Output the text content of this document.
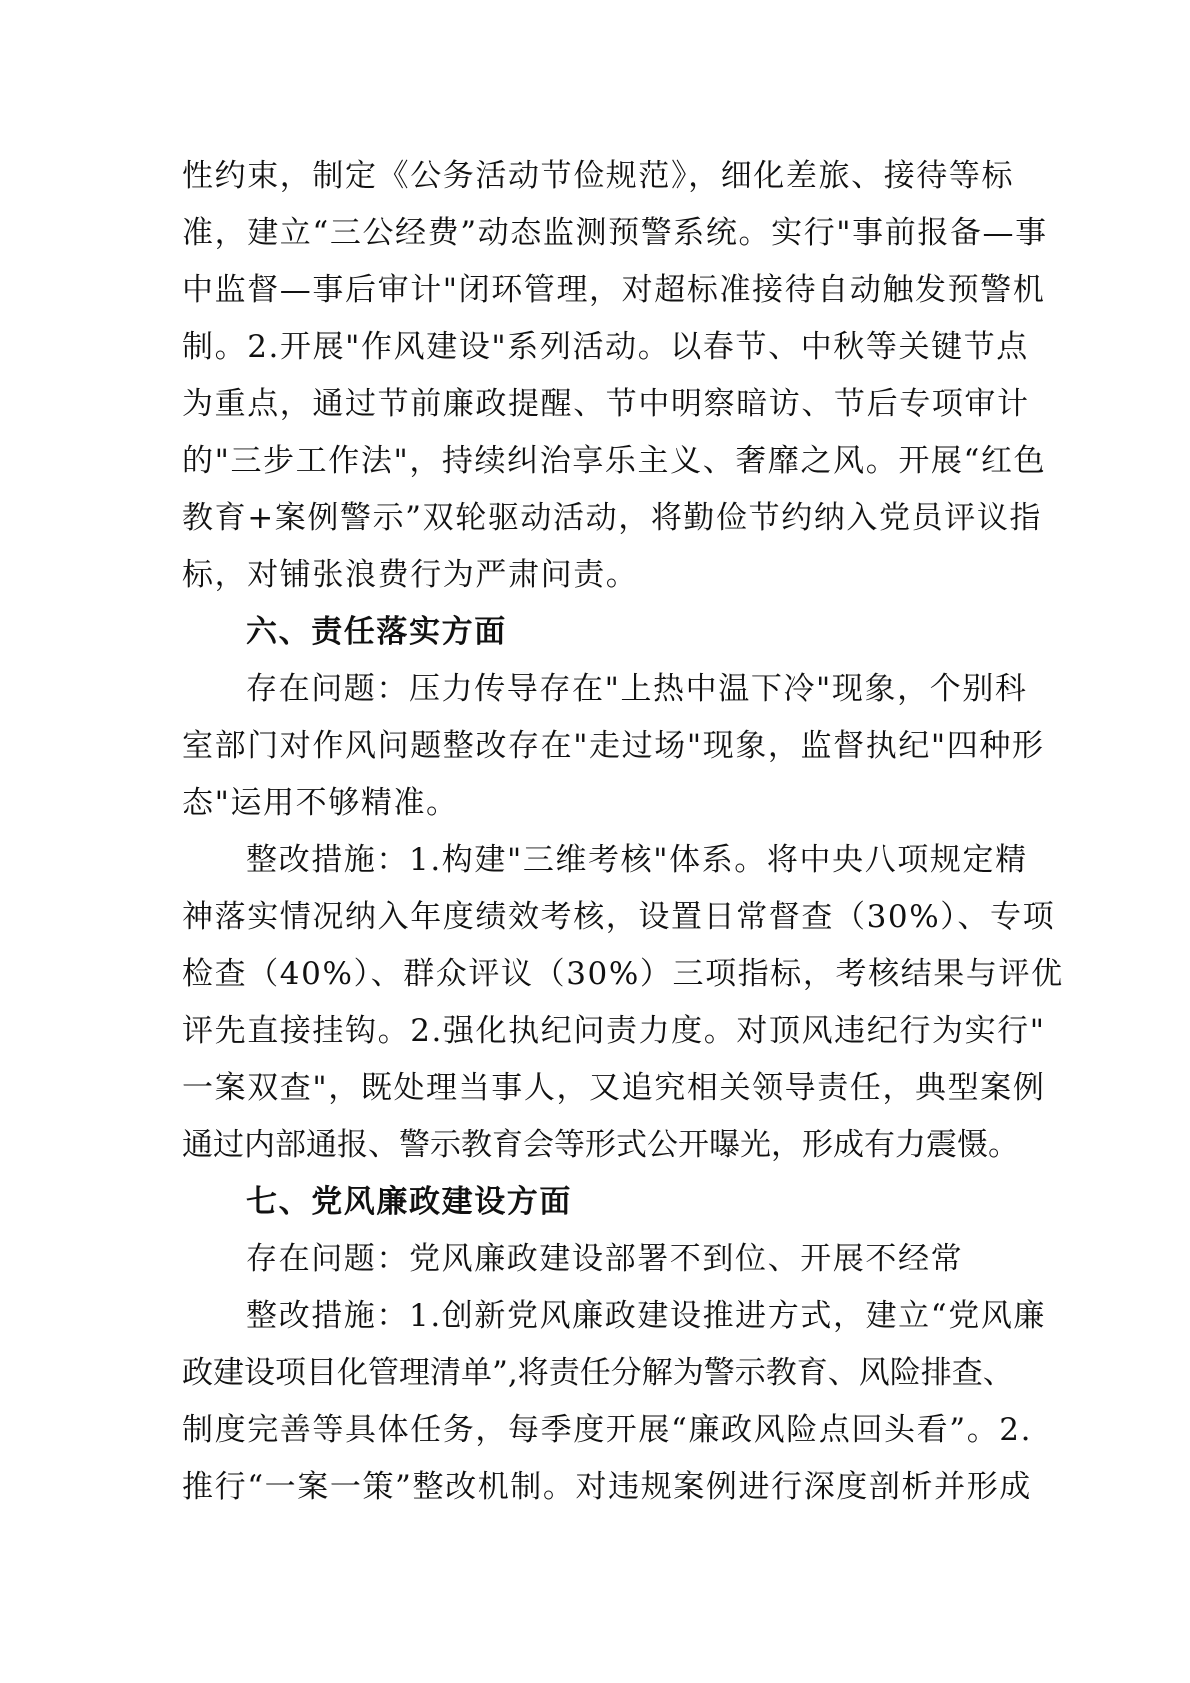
性约束，制定《公务活动节俭规范》，细化差旅、接待等标
准，建立“三公经费”动态监测预警系统。实行"事前报备—事
中监督—事后审计"闭环管理，对超标准接待自动触发预警机
制。2.开展"作风建设"系列活动。以春节、中秋等关键节点
为重点，通过节前廉政提醒、节中明察暗访、节后专项审计
的"三步工作法"，持续纠治享乐主义、奢靡之风。开展“红色
教育+案例警示”双轮驱动活动，将勤俭节约纳入党员评议指
标，对铺张浪费行为严肃问责。
六、责任落实方面
存在问题：压力传导存在"上热中温下冷"现象，个别科
室部门对作风问题整改存在"走过场"现象，监督执纪"四种形
态"运用不够精准。
整改措施：1.构建"三维考核"体系。将中央八项规定精
神落实情况纳入年度绩效考核，设置日常督查（30%）、专项
检查（40%）、群众评议（30%）三项指标，考核结果与评优
评先直接挂钩。2.强化执纪问责力度。对顶风违纪行为实行"
一案双查"，既处理当事人，又追究相关领导责任，典型案例
通过内部通报、警示教育会等形式公开曝光，形成有力震慑。
七、党风廉政建设方面
存在问题：党风廉政建设部署不到位、开展不经常
整改措施：1.创新党风廉政建设推进方式，建立“党风廉
政建设项目化管理清单”,将责任分解为警示教育、风险排查、
制度完善等具体任务，每季度开展“廉政风险点回头看”。2.
推行“一案一策”整改机制。对违规案例进行深度剖析并形成
